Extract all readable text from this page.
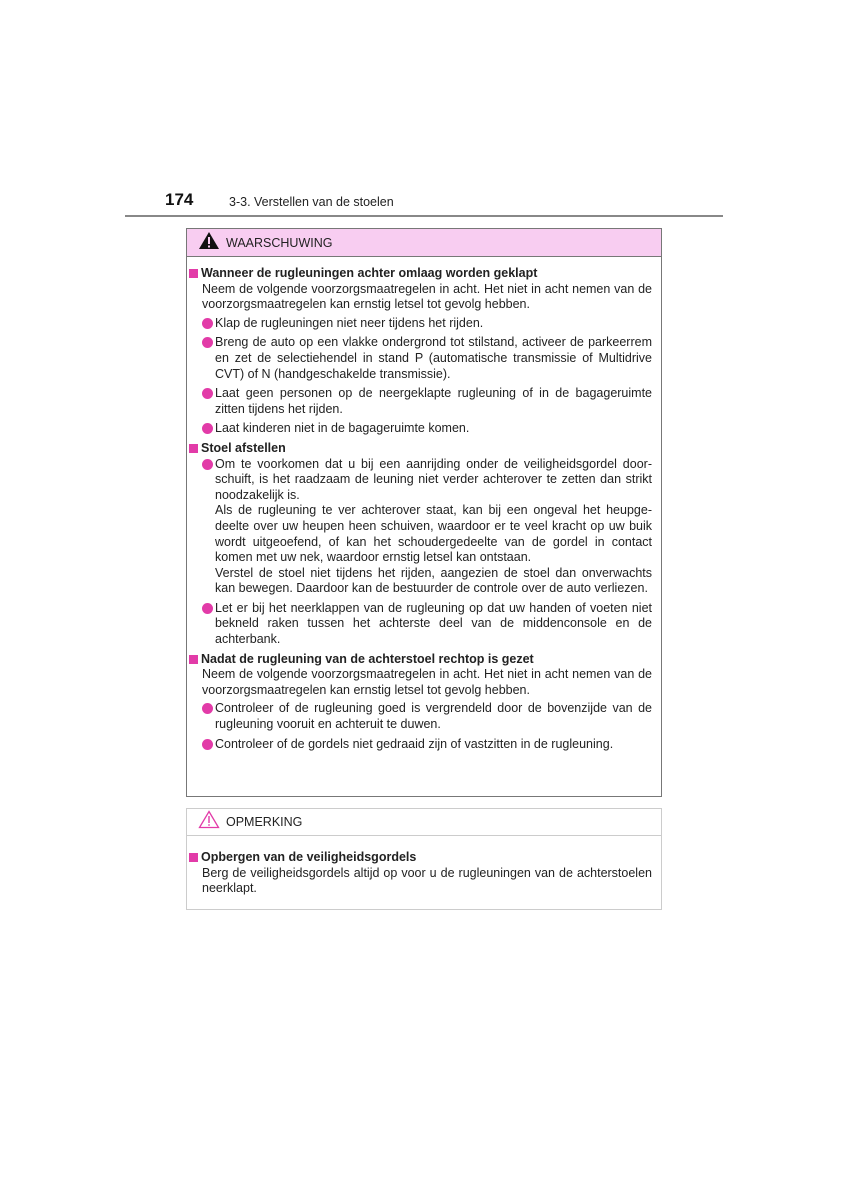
174	3-3. Verstellen van de stoelen
WAARSCHUWING
Wanneer de rugleuningen achter omlaag worden geklapt
Neem de volgende voorzorgsmaatregelen in acht. Het niet in acht nemen van de voorzorgsmaatregelen kan ernstig letsel tot gevolg hebben.
Klap de rugleuningen niet neer tijdens het rijden.
Breng de auto op een vlakke ondergrond tot stilstand, activeer de parkeerrem en zet de selectiehendel in stand P (automatische transmissie of Multidrive CVT) of N (handgeschakelde transmissie).
Laat geen personen op de neergeklapte rugleuning of in de bagageruimte zitten tijdens het rijden.
Laat kinderen niet in de bagageruimte komen.
Stoel afstellen
Om te voorkomen dat u bij een aanrijding onder de veiligheidsgordel doorschuift, is het raadzaam de leuning niet verder achterover te zetten dan strikt noodzakelijk is.
Als de rugleuning te ver achterover staat, kan bij een ongeval het heupgedeelte over uw heupen heen schuiven, waardoor er te veel kracht op uw buik wordt uitgeoefend, of kan het schoudergedeelte van de gordel in contact komen met uw nek, waardoor ernstig letsel kan ontstaan.
Verstel de stoel niet tijdens het rijden, aangezien de stoel dan onverwachts kan bewegen. Daardoor kan de bestuurder de controle over de auto verliezen.
Let er bij het neerklappen van de rugleuning op dat uw handen of voeten niet bekneld raken tussen het achterste deel van de middenconsole en de achterbank.
Nadat de rugleuning van de achterstoel rechtop is gezet
Neem de volgende voorzorgsmaatregelen in acht. Het niet in acht nemen van de voorzorgsmaatregelen kan ernstig letsel tot gevolg hebben.
Controleer of de rugleuning goed is vergrendeld door de bovenzijde van de rugleuning vooruit en achteruit te duwen.
Controleer of de gordels niet gedraaid zijn of vastzitten in de rugleuning.
OPMERKING
Opbergen van de veiligheidsgordels
Berg de veiligheidsgordels altijd op voor u de rugleuningen van de achterstoelen neerklapt.
